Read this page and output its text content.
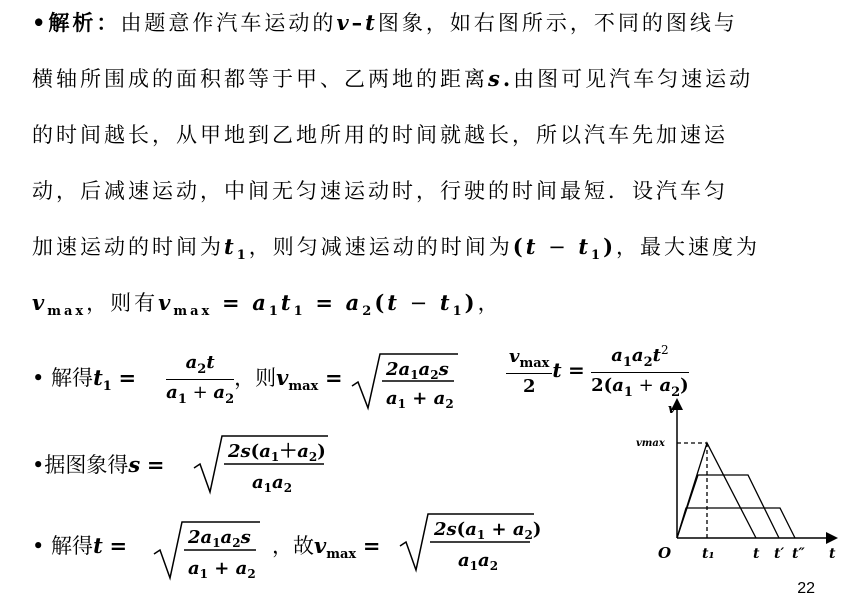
•解析：由题意作汽车运动的v–t图象，如右图所示，不同的图线与
横轴所围成的面积都等于甲、乙两地的距离s.由图可见汽车匀速运动
的时间越长，从甲地到乙地所用的时间就越长，所以汽车先加速运
动，后减速运动，中间无匀速运动时，行驶的时间最短．设汽车匀
加速运动的时间为$t_1$，则匀减速运动的时间为$(t - t_1)$，最大速度为
$v_{max}$，则有$v_{max} = a_1t_1 = a_2(t - t_1)$，
• 解得$t_1 = \frac{a_2t}{a_1 + a_2}$ ，则$v_{max} = 2a_1a_2s$
$a_1 + a_2$
$\frac{v_{max}}{2}$ $t = \frac{a_1a_2t^2}{2(a_1 + a_2)}$
•据图象得s =
$2s(a_1+a_2)$
$a_1a_2$
• 解得t =	$2a_1a_2s$
$a_1 + a_2$
，故$v_{max}$ =
$2s(a_1 + a_2)$
$a_1a_2$
v
vmax
O t₁	t t′ t″ t
22
